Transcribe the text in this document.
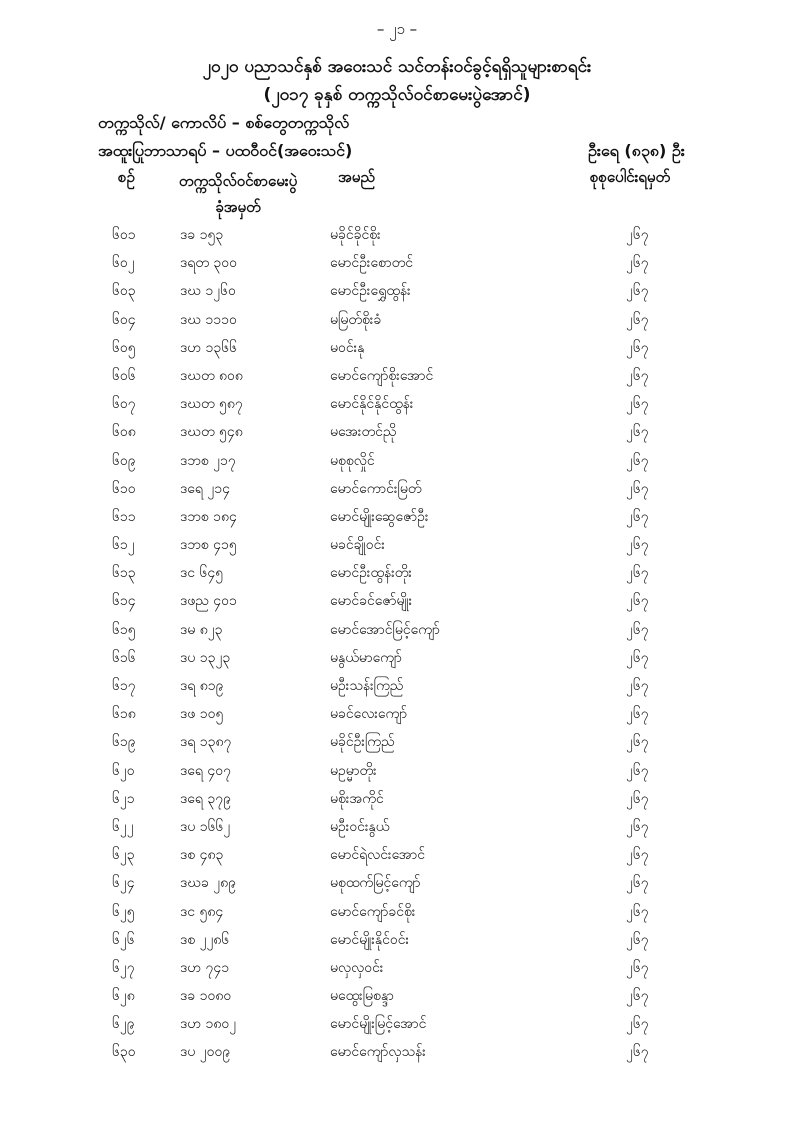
– ၂၁ –
၂၀၂၀ ပညာသင်နှစ် အဝေးသင် သင်တန်းဝင်ခွင့်ရရှိသူများစာရင်း
(၂၀၁၇ ခုနှစ် တက္ကသိုလ်ဝင်စာမေးပွဲအောင်)
တက္ကသိုလ်/ ကောလိပ် – စစ်တွေတက္ကသိုလ်
အထူးပြုဘာသာရပ် – ပထဝီဝင်(အဝေးသင်)	ဦးရေ (၈၃၈) ဦး
စဉ်	တက္ကသိုလ်ဝင်စာမေးပွဲ
ခုံအမှတ်
အမည်	စုစုပေါင်းရမှတ်
၆၀၁	ဒခ ၁၅၃	မခိုင်ခိုင်စိုး	၂၆၇
၆၀၂	ဒရတ ၃၀၀	မောင်ဦးစောတင်	၂၆၇
၆၀၃	ဒဃ ၁၂၆၀	မောင်ဦးရွှေထွန်း	၂၆၇
၆၀၄	ဒဃ ၁၁၁၀	မမြတ်စိုးခံ	၂၆၇
၆၀၅	ဒဟ ၁၃၆၆	မဝင်းနု	၂၆၇
၆၀၆	ဒဃတ ၈၀၈	မောင်ကျော်စိုးအောင်	၂၆၇
၆၀၇	ဒဃတ ၅၈၇	မောင်နိုင်နိုင်ထွန်း	၂၆၇
၆၀၈	ဒဃတ ၅၄၈	မအေးတင်ညို	၂၆၇
၆၀၉	ဒဘစ ၂၁၇	မစုစုလှိုင်	၂၆၇
၆၁၀	ဒရေ ၂၁၄	မောင်ကောင်းမြတ်	၂၆၇
၆၁၁	ဒဘစ ၁၈၄	မောင်မျိုးဆွေဇော်ဦး	၂၆၇
၆၁၂	ဒဘစ ၄၁၅	မခင်ချိုဝင်း	၂၆၇
၆၁၃	ဒင ၆၄၅	မောင်ဦးထွန်းတိုး	၂၆၇
၆၁၄	ဒဖည ၄၀၁	မောင်ခင်ဇော်မျိုး	၂၆၇
၆၁၅	ဒမ ၈၂၃	မောင်အောင်မြင့်ကျော်	၂၆၇
၆၁၆	ဒပ ၁၃၂၃	မနွယ်မာကျော်	၂၆၇
၆၁၇	ဒရ ၈၁၉	မဦးသန်းကြည်	၂၆၇
၆၁၈	ဒဖ ၁၀၅	မခင်လေးကျော်	၂၆၇
၆၁၉	ဒရ ၁၃၈၇	မခိုင်ဦးကြည်	၂၆၇
၆၂၀	ဒရေ ၄၀၇	မဥမ္မာတိုး	၂၆၇
၆၂၁	ဒရေ ၃၇၉	မစိုးအကိုင်	၂၆၇
၆၂၂	ဒပ ၁၆၆၂	မဦးဝင်းနွယ်	၂၆၇
၆၂၃	ဒစ ၄၈၃	မောင်ရဲလင်းအောင်	၂၆၇
၆၂၄	ဒဃခ ၂၈၉	မစုထက်မြင့်ကျော်	၂၆၇
၆၂၅	ဒင ၅၈၄	မောင်ကျော်ခင်စိုး	၂၆၇
၆၂၆	ဒစ ၂၂၈၆	မောင်မျိုးနိုင်ဝင်း	၂၆၇
၆၂၇	ဒဟ ၇၄၁	မလှလှဝင်း	၂၆၇
၆၂၈	ဒခ ၁၀၈၀	မထွေးမြစန္ဒာ	၂၆၇
၆၂၉	ဒဟ ၁၈၀၂	မောင်မျိုးမြင့်အောင်	၂၆၇
၆၃၀	ဒပ ၂၀၀၉	မောင်ကျော်လှသန်း	၂၆၇
